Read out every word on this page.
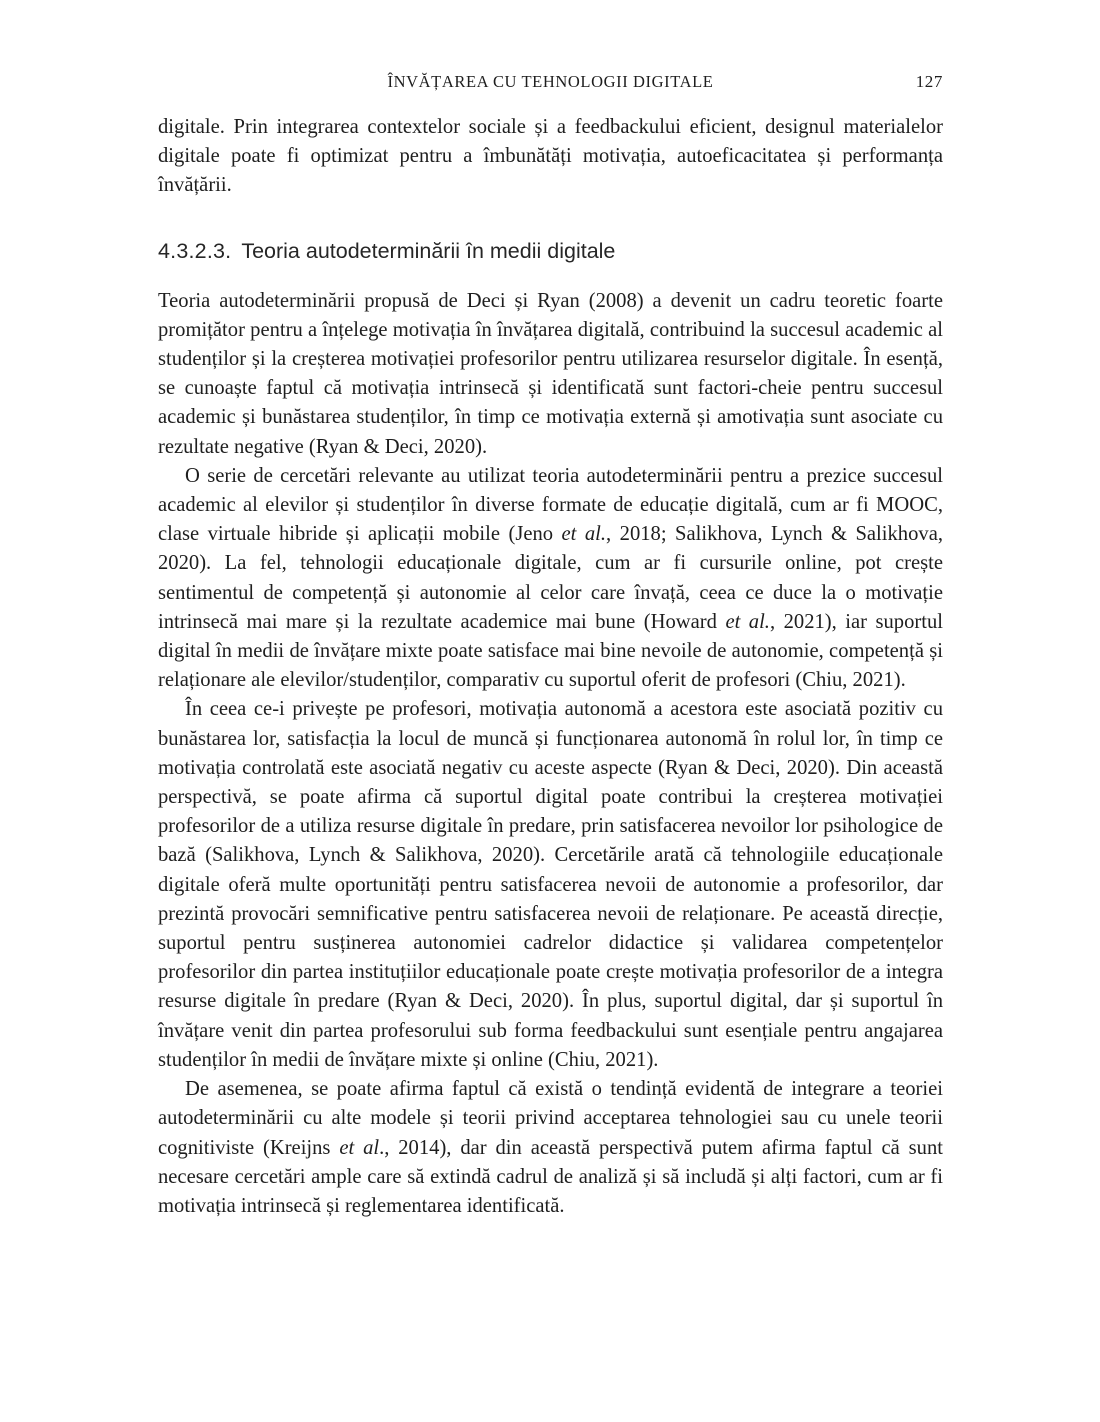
ÎNVĂȚAREA CU TEHNOLOGII DIGITALE	127

digitale. Prin integrarea contextelor sociale și a feedbackului eficient, designul materialelor digitale poate fi optimizat pentru a îmbunătăți motivația, autoeficacitatea și performanța învățării.

4.3.2.3. Teoria autodeterminării în medii digitale

Teoria autodeterminării propusă de Deci și Ryan (2008) a devenit un cadru teoretic foarte promițător pentru a înțelege motivația în învățarea digitală, contribuind la succesul academic al studenților și la creșterea motivației profesorilor pentru utilizarea resurselor digitale. În esență, se cunoaște faptul că motivația intrinsecă și identificată sunt factori-cheie pentru succesul academic și bunăstarea studenților, în timp ce motivația externă și amotivația sunt asociate cu rezultate negative (Ryan & Deci, 2020).

O serie de cercetări relevante au utilizat teoria autodeterminării pentru a prezice succesul academic al elevilor și studenților în diverse formate de educație digitală, cum ar fi MOOC, clase virtuale hibride și aplicații mobile (Jeno et al., 2018; Salikhova, Lynch & Salikhova, 2020). La fel, tehnologii educaționale digitale, cum ar fi cursurile online, pot crește sentimentul de competență și autonomie al celor care învață, ceea ce duce la o motivație intrinsecă mai mare și la rezultate academice mai bune (Howard et al., 2021), iar suportul digital în medii de învățare mixte poate satisface mai bine nevoile de autonomie, competență și relaționare ale elevilor/​studenților, comparativ cu suportul oferit de profesori (Chiu, 2021).

În ceea ce-i privește pe profesori, motivația autonomă a acestora este asociată pozitiv cu bunăstarea lor, satisfacția la locul de muncă și funcționarea autonomă în rolul lor, în timp ce motivația controlată este asociată negativ cu aceste aspecte (Ryan & Deci, 2020). Din această perspectivă, se poate afirma că suportul digital poate contribui la creșterea motivației profesorilor de a utiliza resurse digitale în predare, prin satisfacerea nevoilor lor psihologice de bază (Salikhova, Lynch & Salikhova, 2020). Cercetările arată că tehnologiile educaționale digitale oferă multe oportunități pentru satisfacerea nevoii de autonomie a profesorilor, dar prezintă provocări semnificative pentru satisfacerea nevoii de relaționare. Pe această direcție, suportul pentru susținerea autonomiei cadrelor didactice și validarea competențelor profesorilor din partea instituțiilor educaționale poate crește motivația profesorilor de a integra resurse digitale în predare (Ryan & Deci, 2020). În plus, suportul digital, dar și suportul în învățare venit din partea profesorului sub forma feedbackului sunt esențiale pentru angajarea studenților în medii de învățare mixte și online (Chiu, 2021).

De asemenea, se poate afirma faptul că există o tendință evidentă de integrare a teoriei autodeterminării cu alte modele și teorii privind acceptarea tehnologiei sau cu unele teorii cognitiviste (Kreijns et al., 2014), dar din această perspectivă putem afirma faptul că sunt necesare cercetări ample care să extindă cadrul de analiză și să includă și alți factori, cum ar fi motivația intrinsecă și reglementarea identificată.
